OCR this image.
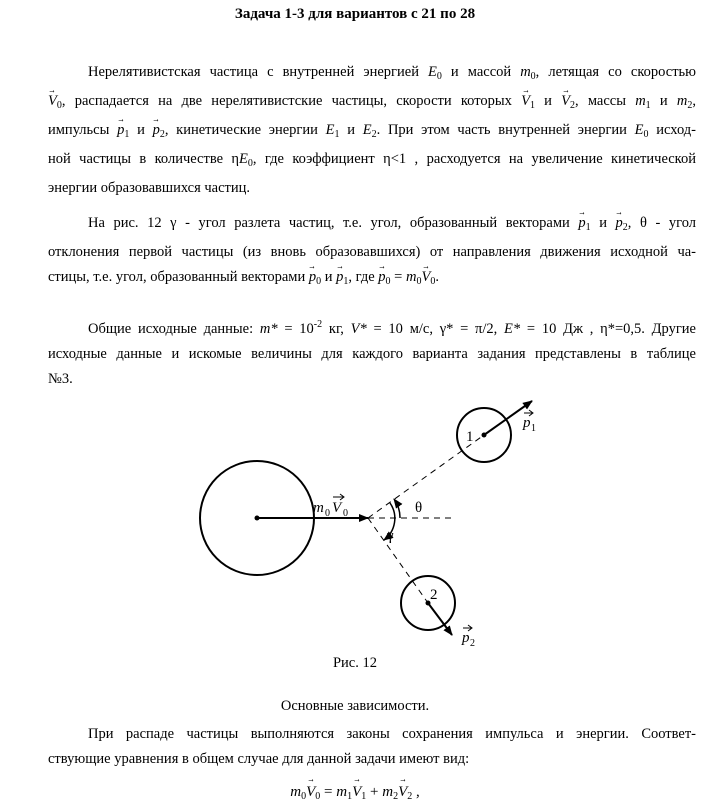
Задача 1-3 для вариантов с 21 по 28
Нерелятивистская частица с внутренней энергией $E_0$ и массой $m_0$, летящая со скоростью
→ $V_0$, распадается на две нерелятивистские частицы, скорости которых → $V_1$ $и \to V_2$, массы $m_1$ и $m_2$,
импульсы → $p_1$ $и \to p_2$, кинетические энергии $E_1$ и $E_2$. При этом часть внутренней энергии $E_0$ исход-
ной частицы в количестве $\eta E_0$, где коэффициент η<1 , расходуется на увеличение кинетической
энергии образовавшихся частиц.
На рис. 12 γ - угол разлета частиц, т.е. угол, образованный векторами → $p_1$ $и \to p_2$, θ - угол
отклонения первой частицы (из вновь образовавшихся) от направления движения исходной ча-
стицы, т.е. угол, образованный векторами → $p_0$ $и \to p_1$, где → $p_0 = m_0\to V_0$.
Общие исходные данные: $m* = 10^{-2}$ кг, V* = 10 м/с, γ* = π/2, E* = 10 Дж , η*=0,5. Другие
исходные данные и искомые величины для каждого варианта задания представлены в таблице
№3.
1
2
θ
γ
m 0 V 0
p 1
p 2
Рис. 12
Основные зависимости.
При распаде частицы выполняются законы сохранения импульса и энергии. Соответ-
ствующие уравнения в общем случае для данной задачи имеют вид:
$m_0\to V_0 = m_1\to V_1 + m_2\to V_2$ ,
